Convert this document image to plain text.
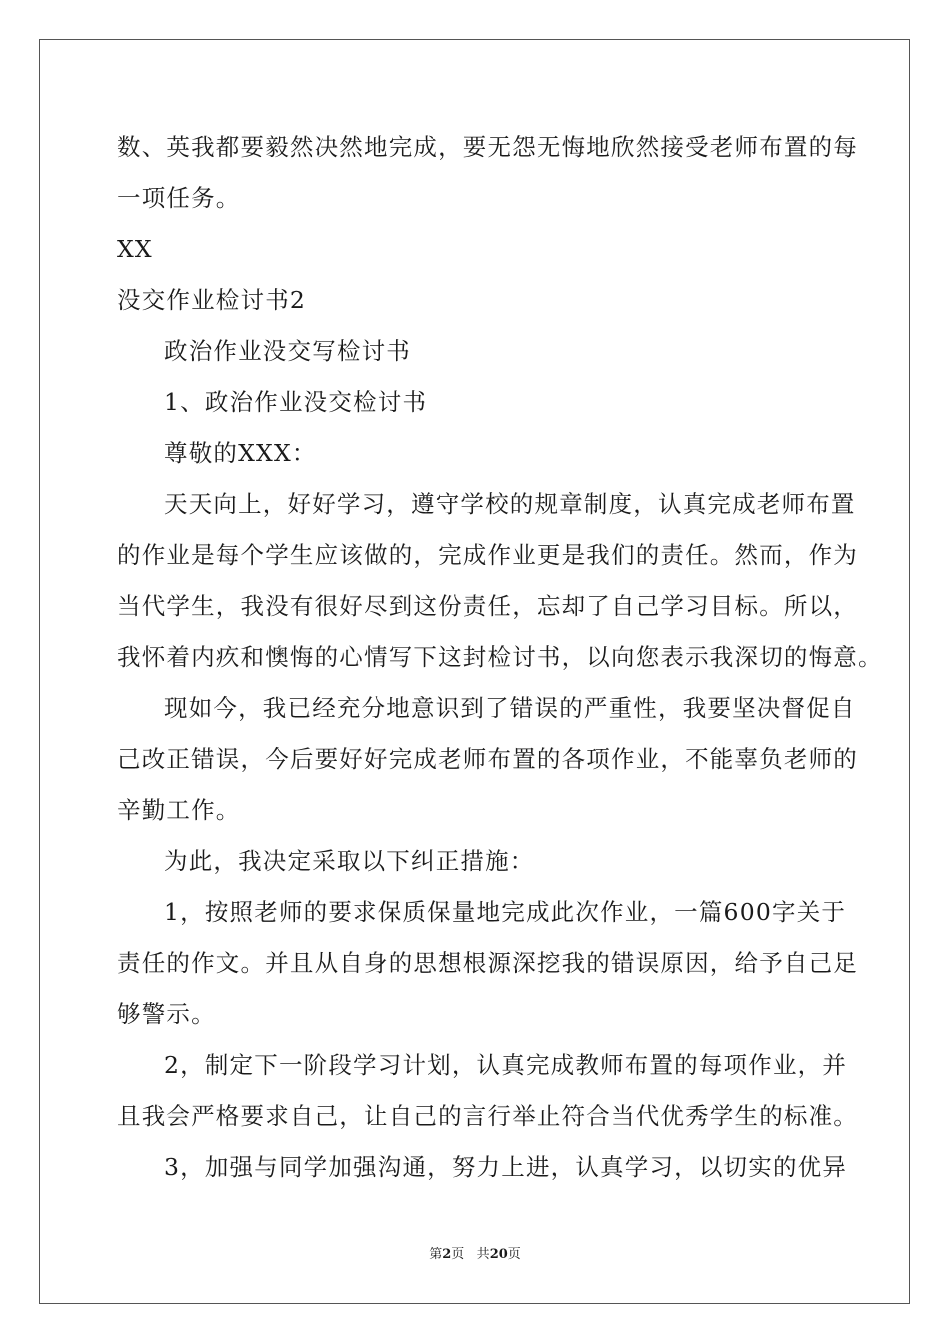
数、英我都要毅然决然地完成，要无怨无悔地欣然接受老师布置的每
一项任务。
XX
没交作业检讨书2
政治作业没交写检讨书
1、政治作业没交检讨书
尊敬的XXX：
天天向上，好好学习，遵守学校的规章制度，认真完成老师布置
的作业是每个学生应该做的，完成作业更是我们的责任。然而，作为
当代学生，我没有很好尽到这份责任，忘却了自己学习目标。所以，
我怀着内疚和懊悔的心情写下这封检讨书，以向您表示我深切的悔意。
现如今，我已经充分地意识到了错误的严重性，我要坚决督促自
己改正错误，今后要好好完成老师布置的各项作业，不能辜负老师的
辛勤工作。
为此，我决定采取以下纠正措施：
1，按照老师的要求保质保量地完成此次作业，一篇600字关于
责任的作文。并且从自身的思想根源深挖我的错误原因，给予自己足
够警示。
2，制定下一阶段学习计划，认真完成教师布置的每项作业，并
且我会严格要求自己，让自己的言行举止符合当代优秀学生的标准。
3，加强与同学加强沟通，努力上进，认真学习，以切实的优异
第2页 共20页
